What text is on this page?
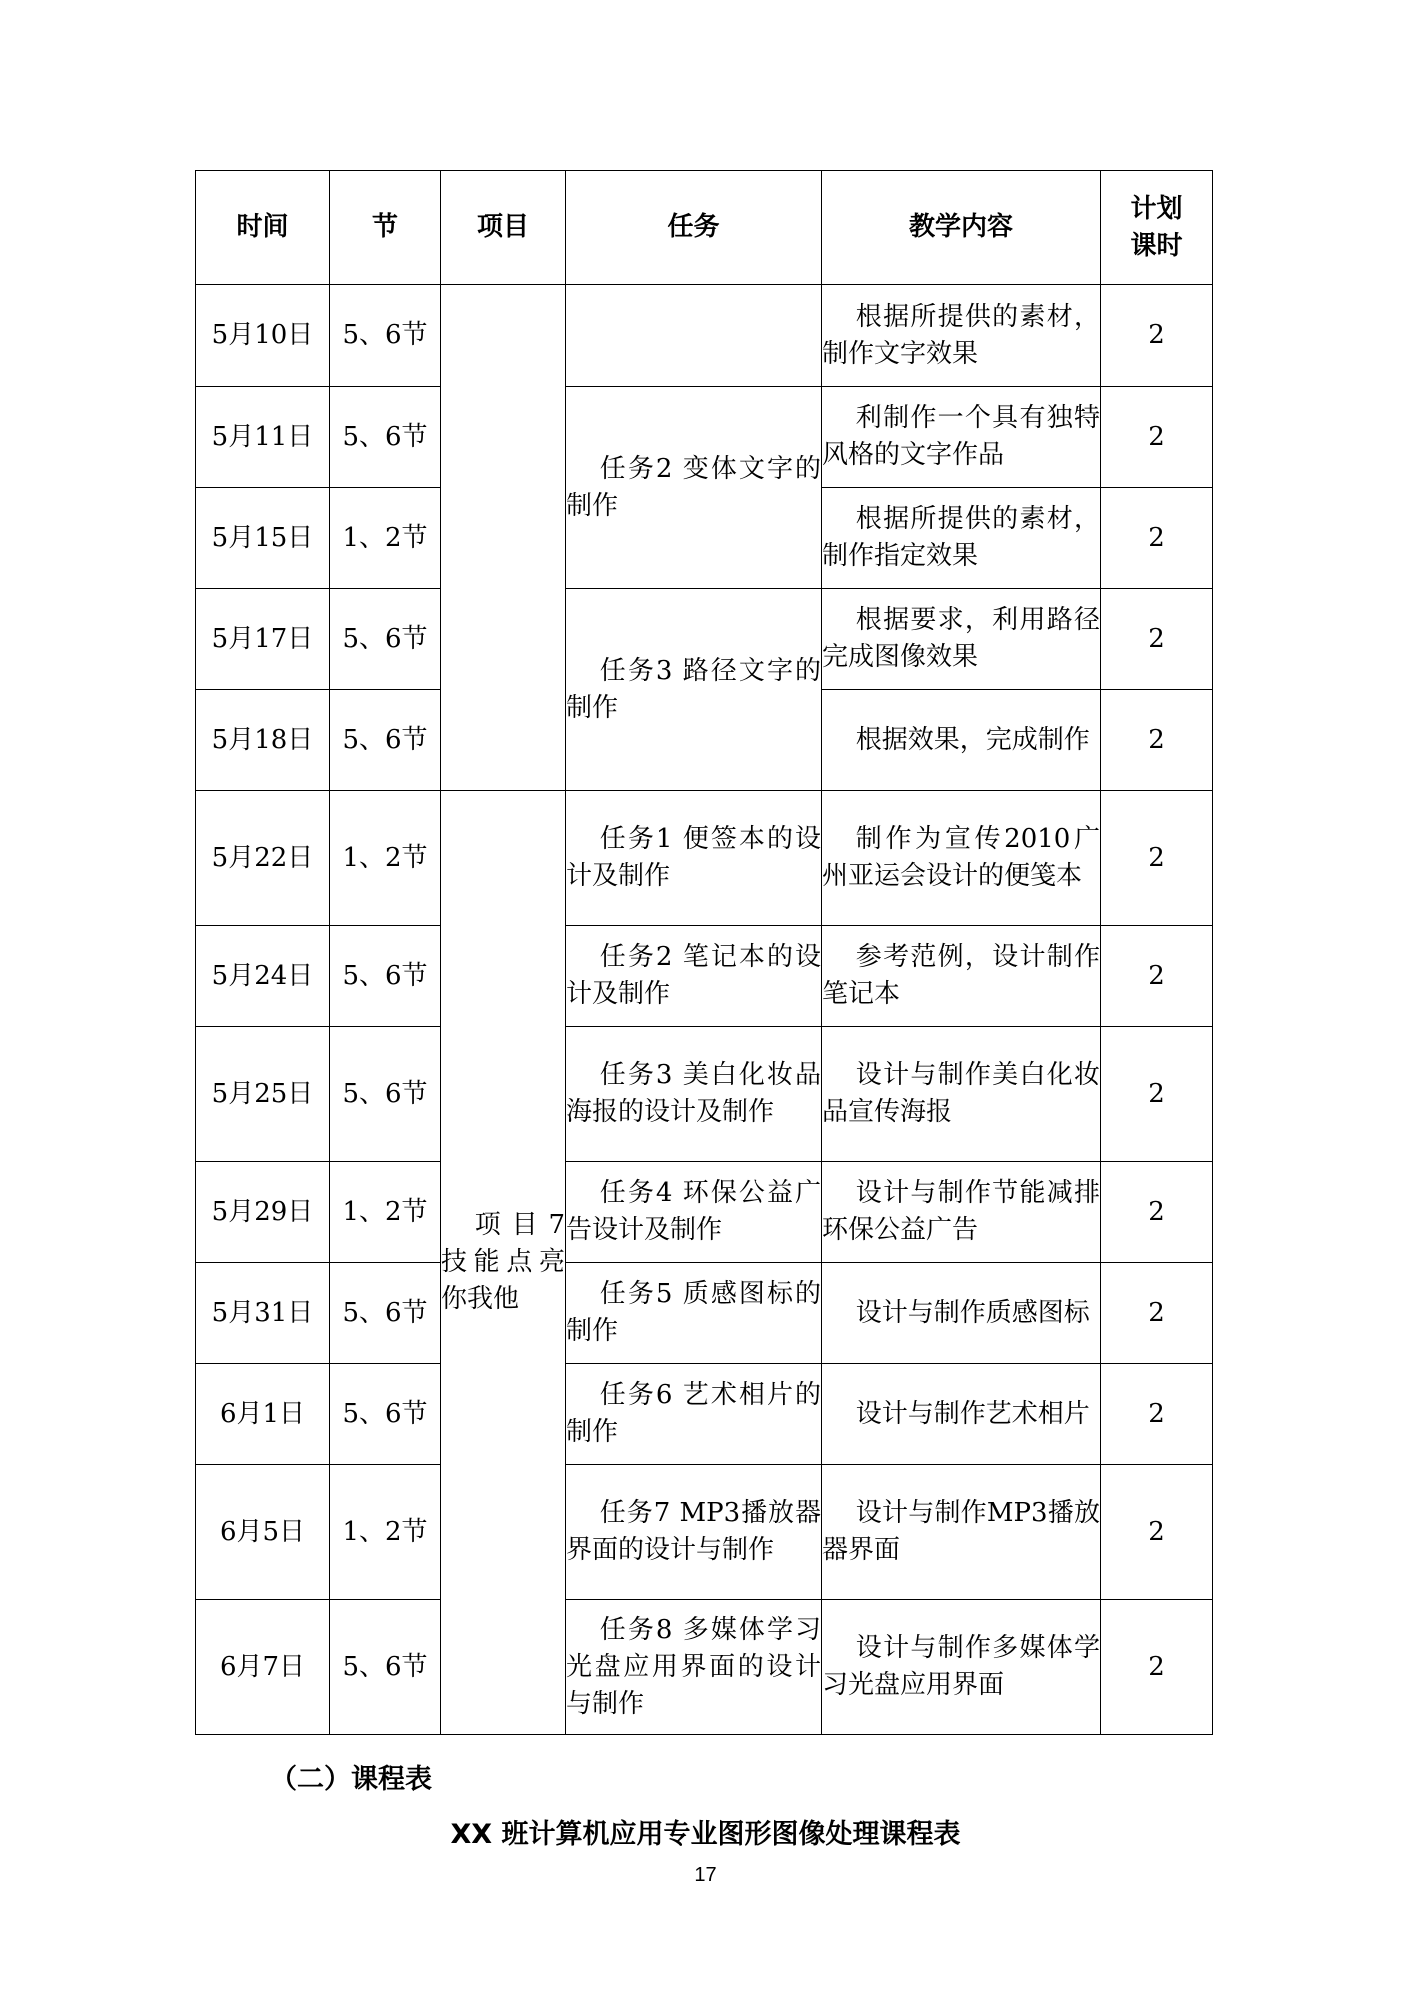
时间	节	项目	任务	教学内容	计划
课时
5月10日	5、6节			根据所提供的素材，制作文字效果	2
5月11日	5、6节		任务2 变体文字的制作	利制作一个具有独特风格的文字作品	2
5月15日	1、2节			根据所提供的素材，制作指定效果	2
5月17日	5、6节		任务3 路径文字的制作	根据要求，利用路径完成图像效果	2
5月18日	5、6节			根据效果，完成制作	2
5月22日	1、2节	项目7 技能点亮你我他	任务1 便签本的设计及制作	制作为宣传2010广州亚运会设计的便笺本	2
5月24日	5、6节		任务2 笔记本的设计及制作	参考范例，设计制作笔记本	2
5月25日	5、6节		任务3 美白化妆品海报的设计及制作	设计与制作美白化妆品宣传海报	2
5月29日	1、2节		任务4 环保公益广告设计及制作	设计与制作节能减排环保公益广告	2
5月31日	5、6节		任务5 质感图标的制作	设计与制作质感图标	2
6月1日	5、6节		任务6 艺术相片的制作	设计与制作艺术相片	2
6月5日	1、2节		任务7 MP3播放器界面的设计与制作	设计与制作MP3播放器界面	2
6月7日	5、6节		任务8 多媒体学习光盘应用界面的设计与制作	设计与制作多媒体学习光盘应用界面	2
（二）课程表
XX 班计算机应用专业图形图像处理课程表
17
